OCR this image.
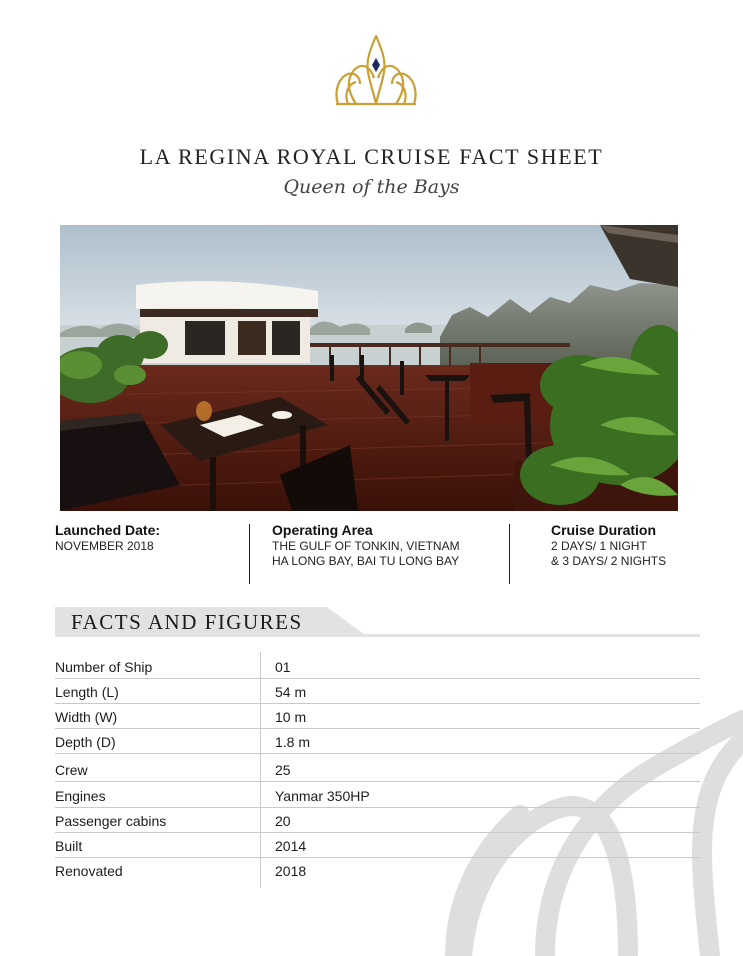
LA REGINA ROYAL CRUISE FACT SHEET
Queen of the Bays
Launched Date:
NOVEMBER 2018
Operating Area
THE GULF OF TONKIN, VIETNAM
HA LONG BAY, BAI TU LONG BAY
Cruise Duration
2 DAYS/ 1 NIGHT
& 3 DAYS/ 2 NIGHTS
FACTS AND FIGURES
Number of Ship	01
Length (L)	54 m
Width (W)	10 m
Depth (D)	1.8 m
Crew	25
Engines	Yanmar 350HP
Passenger cabins	20
Built	2014
Renovated	2018
